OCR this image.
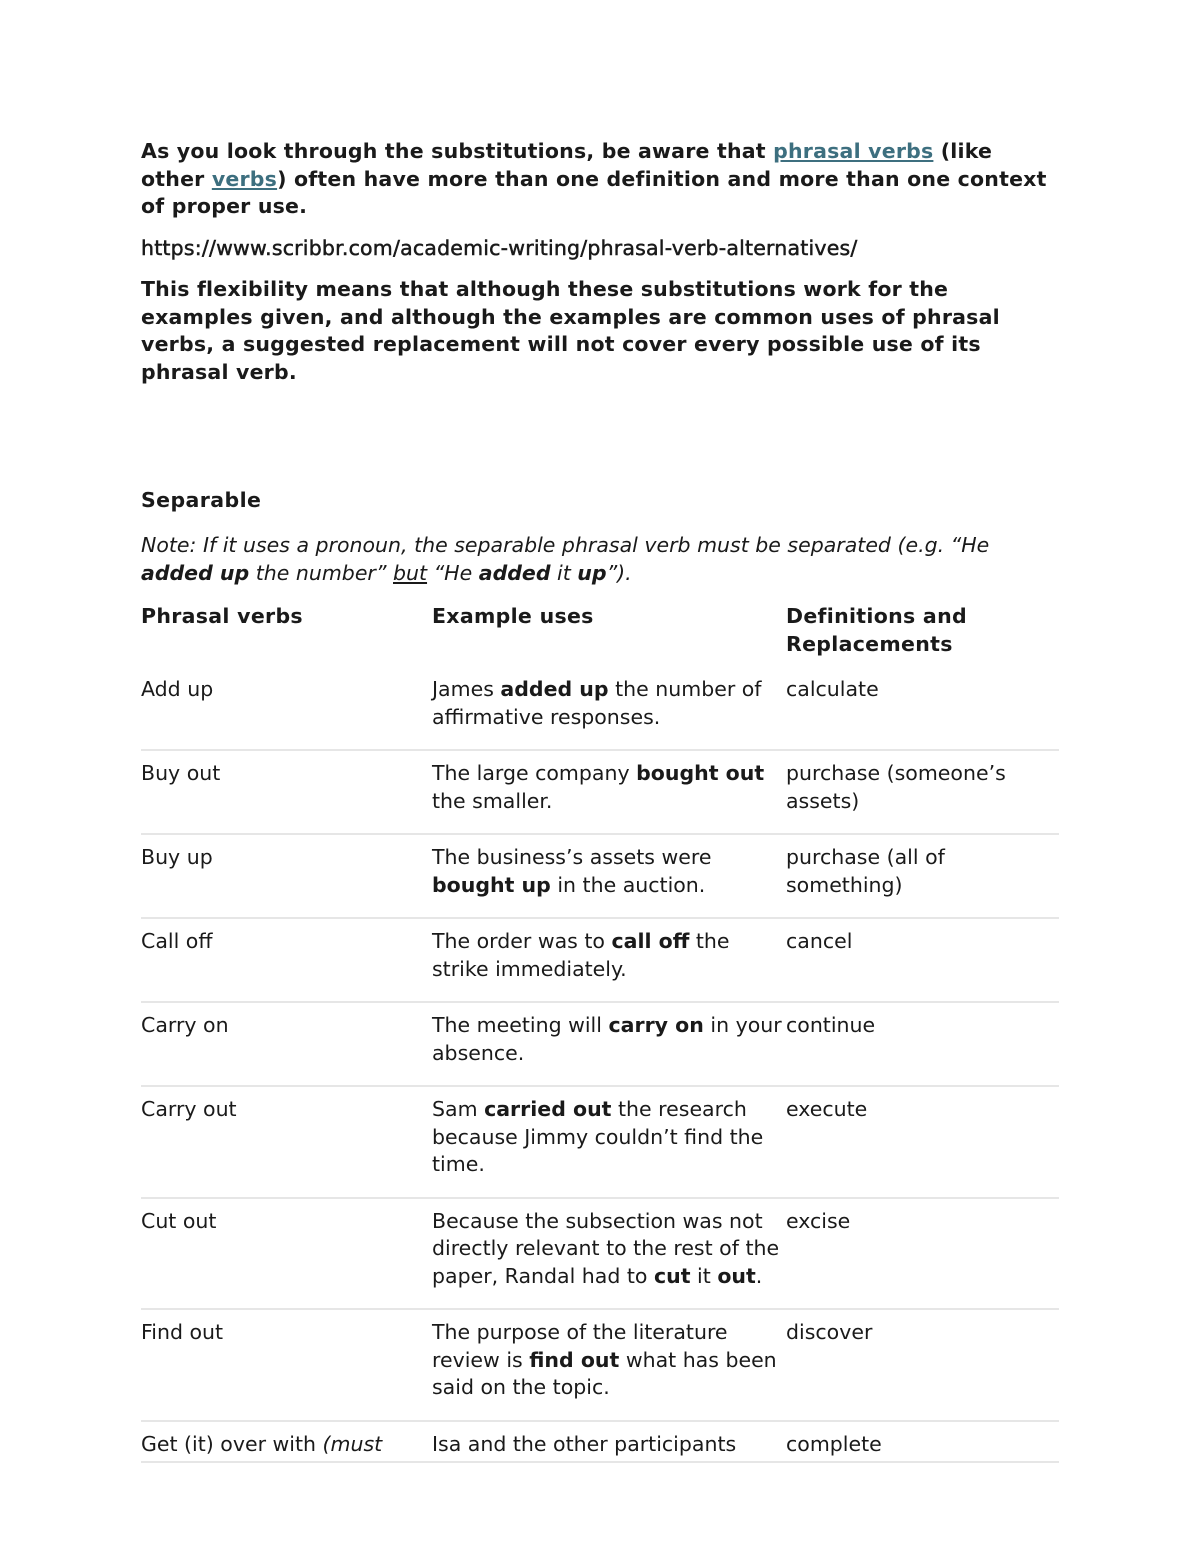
As you look through the substitutions, be aware that phrasal verbs (like other verbs) often have more than one definition and more than one context of proper use.

https://www.scribbr.com/academic-writing/phrasal-verb-alternatives/

This flexibility means that although these substitutions work for the examples given, and although the examples are common uses of phrasal verbs, a suggested replacement will not cover every possible use of its phrasal verb.

Separable

Note: If it uses a pronoun, the separable phrasal verb must be separated (e.g. “He added up the number” but “He added it up”).

Phrasal verbs	Example uses	Definitions and Replacements
Add up	James added up the number of affirmative responses.	calculate
Buy out	The large company bought out the smaller.	purchase (someone’s assets)
Buy up	The business’s assets were bought up in the auction.	purchase (all of something)
Call off	The order was to call off the strike immediately.	cancel
Carry on	The meeting will carry on in your absence.	continue
Carry out	Sam carried out the research because Jimmy couldn’t find the time.	execute
Cut out	Because the subsection was not directly relevant to the rest of the paper, Randal had to cut it out.	excise
Find out	The purpose of the literature review is find out what has been said on the topic.	discover
Get (it) over with (must	Isa and the other participants	complete
